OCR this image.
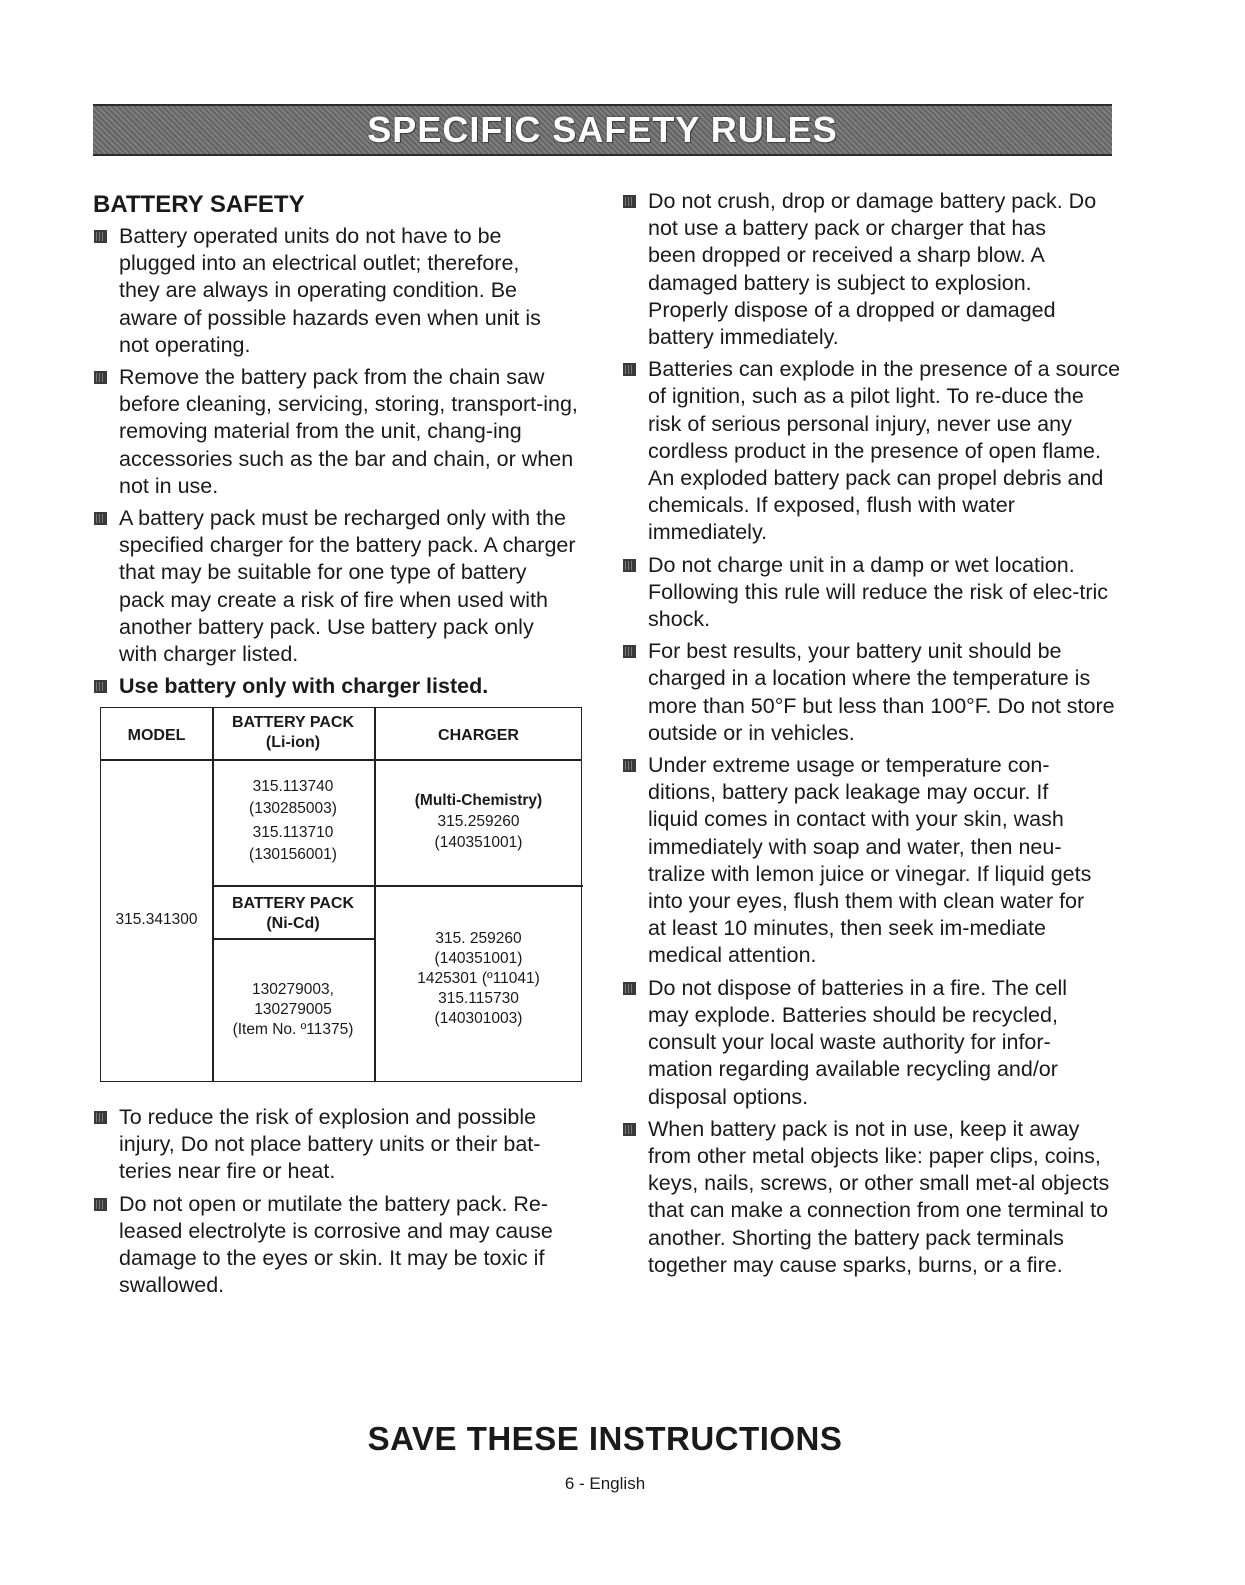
SPECIFIC SAFETY RULES
BATTERY SAFETY
Battery operated units do not have to be plugged into an electrical outlet; therefore, they are always in operating condition. Be aware of possible hazards even when unit is not operating.
Remove the battery pack from the chain saw before cleaning, servicing, storing, transport-ing, removing material from the unit, chang-ing accessories such as the bar and chain, or when not in use.
A battery pack must be recharged only with the specified charger for the battery pack. A charger that may be suitable for one type of battery pack may create a risk of fire when used with another battery pack. Use battery pack only with charger listed.
Use battery only with charger listed.
MODEL
BATTERY PACK
(Li-ion)	CHARGER
315.113740
(130285003)
315.113710
(130156001)
(Multi-Chemistry)
315.259260
(140351001)
315.341300
BATTERY PACK
(Ni-Cd)
130279003,
130279005
(Item No. º11375)
315. 259260
(140351001)
1425301 (º11041)
315.115730
(140301003)
To reduce the risk of explosion and possible injury, Do not place battery units or their bat-teries near fire or heat.
Do not open or mutilate the battery pack. Re-leased electrolyte is corrosive and may cause damage to the eyes or skin. It may be toxic if swallowed.
Do not crush, drop or damage battery pack. Do not use a battery pack or charger that has been dropped or received a sharp blow. A damaged battery is subject to explosion. Properly dispose of a dropped or damaged battery immediately.
Batteries can explode in the presence of a source of ignition, such as a pilot light. To re-duce the risk of serious personal injury, never use any cordless product in the presence of open flame. An exploded battery pack can propel debris and chemicals. If exposed, flush with water immediately.
Do not charge unit in a damp or wet location. Following this rule will reduce the risk of elec-tric shock.
For best results, your battery unit should be charged in a location where the temperature is more than 50°F but less than 100°F. Do not store outside or in vehicles.
Under extreme usage or temperature con-ditions, battery pack leakage may occur. If liquid comes in contact with your skin, wash immediately with soap and water, then neu-tralize with lemon juice or vinegar. If liquid gets into your eyes, flush them with clean water for at least 10 minutes, then seek im-mediate medical attention.
Do not dispose of batteries in a fire. The cell may explode. Batteries should be recycled, consult your local waste authority for infor-mation regarding available recycling and/or disposal options.
When battery pack is not in use, keep it away from other metal objects like: paper clips, coins, keys, nails, screws, or other small met-al objects that can make a connection from one terminal to another. Shorting the battery pack terminals together may cause sparks, burns, or a fire.
SAVE THESE INSTRUCTIONS
6 - English
